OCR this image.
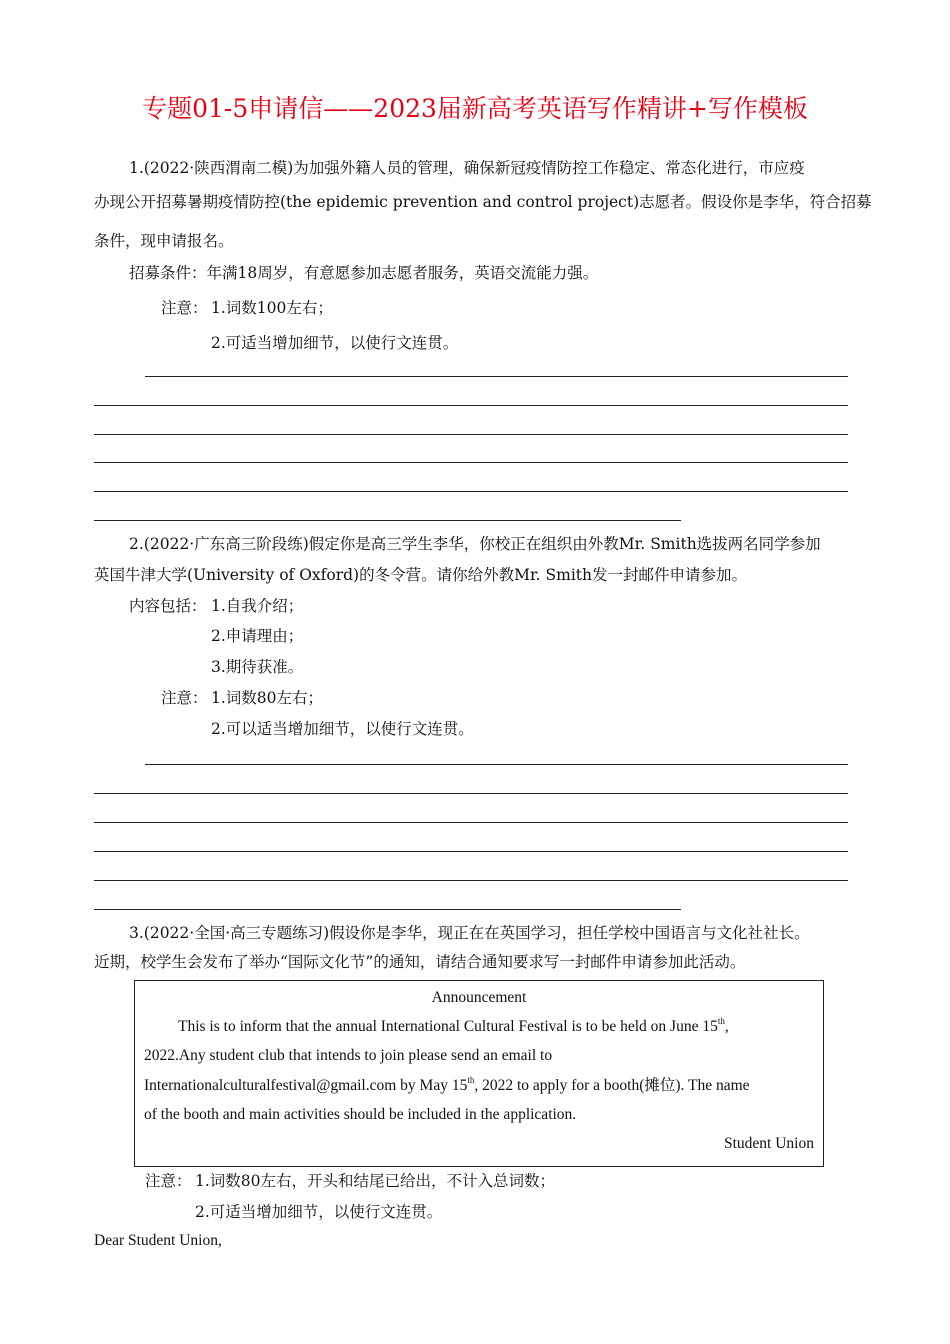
专题01-5申请信——2023届新高考英语写作精讲+写作模板
1.(2022·陕西渭南二模)为加强外籍人员的管理，确保新冠疫情防控工作稳定、常态化进行，市应疫
办现公开招募暑期疫情防控(the epidemic prevention and control project)志愿者。假设你是李华，符合招募
条件，现申请报名。
招募条件：年满18周岁，有意愿参加志愿者服务，英语交流能力强。
注意： 1.词数100左右；
2.可适当增加细节，以使行文连贯。
2.(2022·广东高三阶段练)假定你是高三学生李华，你校正在组织由外教Mr. Smith选拔两名同学参加
英国牛津大学(University of Oxford)的冬令营。请你给外教Mr. Smith发一封邮件申请参加。
内容包括： 1.自我介绍；
2.申请理由；
3.期待获准。
注意： 1.词数80左右；
2.可以适当增加细节，以使行文连贯。
3.(2022·全国·高三专题练习)假设你是李华，现正在在英国学习，担任学校中国语言与文化社社长。
近期，校学生会发布了举办“国际文化节”的通知，请结合通知要求写一封邮件申请参加此活动。
Announcement
This is to inform that the annual International Cultural Festival is to be held on June 15th,
2022.Any student club that intends to join please send an email to
Internationalculturalfestival@gmail.com by May 15th, 2022 to apply for a booth(摊位). The name
of the booth and main activities should be included in the application.
Student Union
注意： 1.词数80左右，开头和结尾已给出，不计入总词数；
2.可适当增加细节，以使行文连贯。
Dear Student Union,
